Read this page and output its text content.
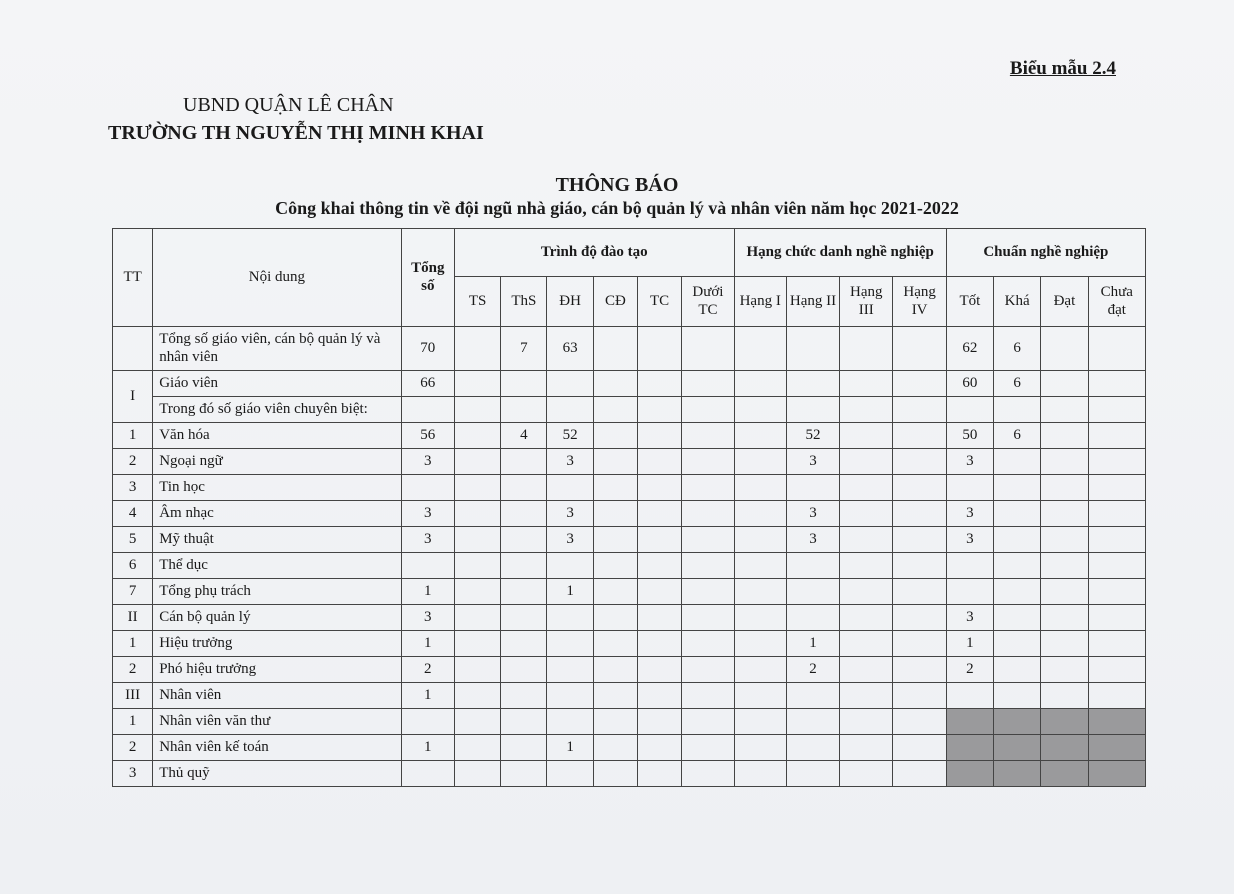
Biểu mẫu 2.4
UBND QUẬN LÊ CHÂN
TRƯỜNG TH NGUYỄN THỊ MINH KHAI
THÔNG BÁO
Công khai thông tin về đội ngũ nhà giáo, cán bộ quản lý và nhân viên năm học 2021-2022
TT	Nội dung	Tổng số	Trình độ đào tạo						Hạng chức danh nghề nghiệp				Chuẩn nghề nghiệp			
			TS	ThS	ĐH	CĐ	TC	Dưới TC	Hạng I	Hạng II	Hạng III	Hạng IV	Tốt	Khá	Đạt	Chưa đạt
	Tổng số giáo viên, cán bộ quản lý và nhân viên	70		7	63								62	6		
I	Giáo viên	66											60	6		
	Trong đó số giáo viên chuyên biệt:															
1	Văn hóa	56		4	52					52			50	6		
2	Ngoại ngữ	3			3					3			3			
3	Tin học															
4	Âm nhạc	3			3					3			3			
5	Mỹ thuật	3			3					3			3			
6	Thể dục															
7	Tổng phụ trách	1			1											
II	Cán bộ quản lý	3											3			
1	Hiệu trưởng	1								1			1			
2	Phó hiệu trưởng	2								2			2			
III	Nhân viên	1														
1	Nhân viên văn thư															
2	Nhân viên kế toán	1			1											
3	Thủ quỹ															
